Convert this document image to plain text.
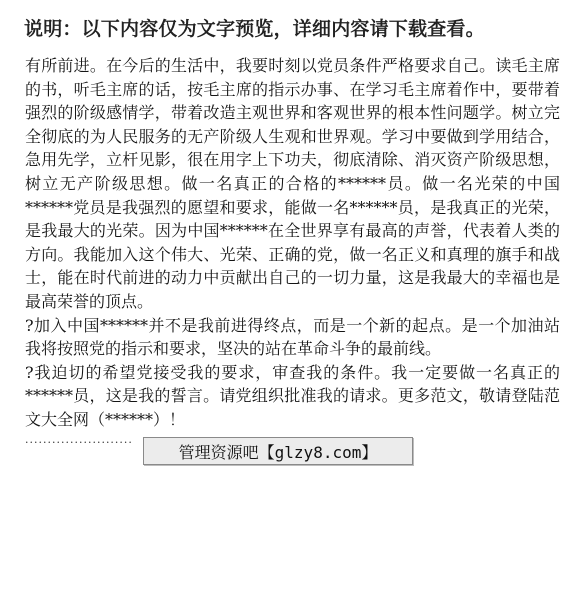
说明：以下内容仅为文字预览，详细内容请下载查看。

有所前进。在今后的生活中，我要时刻以党员条件严格要求自己。读毛主席的书，听毛主席的话，按毛主席的指示办事、在学习毛主席着作中，要带着强烈的阶级感情学，带着改造主观世界和客观世界的根本性问题学。树立完全彻底的为人民服务的无产阶级人生观和世界观。学习中要做到学用结合，急用先学，立杆见影，很在用字上下功夫，彻底清除、消灭资产阶级思想，树立无产阶级思想。做一名真正的合格的******员。做一名光荣的中国******党员是我强烈的愿望和要求，能做一名******员，是我真正的光荣，是我最大的光荣。因为中国******在全世界享有最高的声誉，代表着人类的方向。我能加入这个伟大、光荣、正确的党，做一名正义和真理的旗手和战士，能在时代前进的动力中贡献出自己的一切力量，这是我最大的幸福也是最高荣誉的顶点。

?加入中国******并不是我前进得终点，而是一个新的起点。是一个加油站我将按照党的指示和要求，坚决的站在革命斗争的最前线。

?我迫切的希望党接受我的要求，审查我的条件。我一定要做一名真正的******员，这是我的誓言。请党组织批准我的请求。更多范文，敬请登陆范文大全网（******）！

························
管理资源吧 【glzy8.com】
